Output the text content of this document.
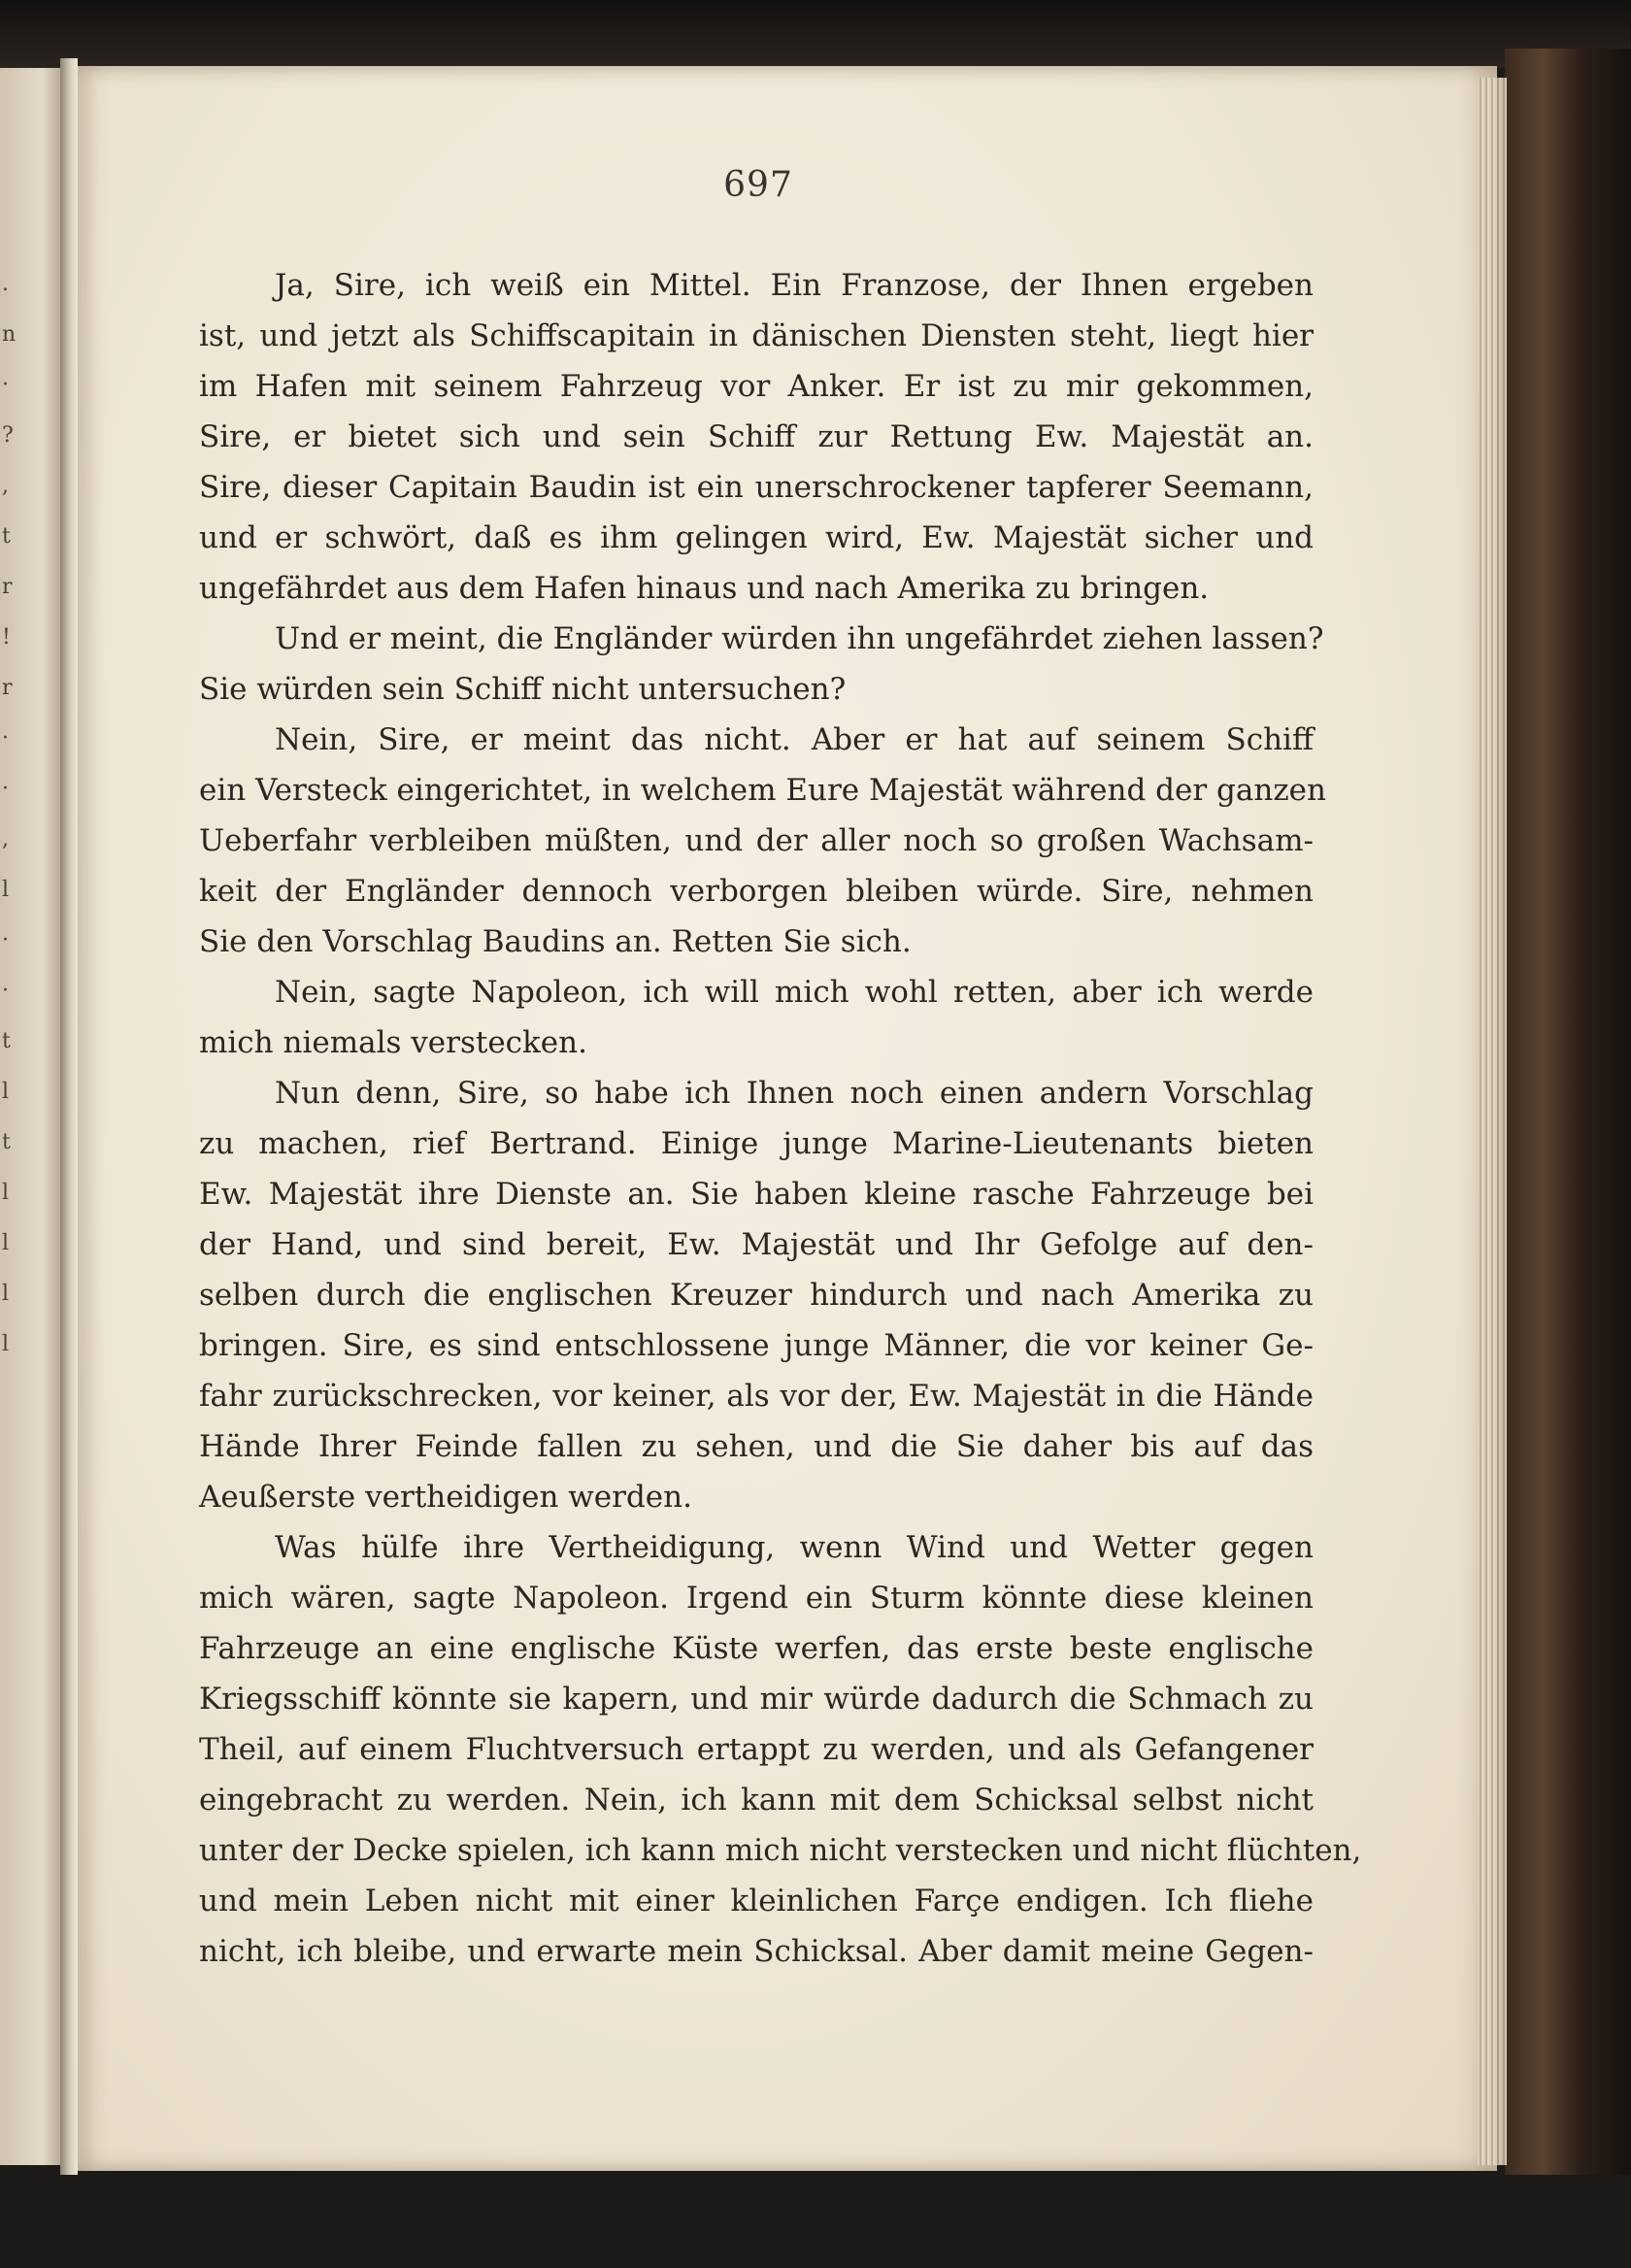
.
n
·
?
,
t
r
!
r
·
·
,
l
·
·
t
l
t
l
l
l
l
697
Ja, Sire, ich weiß ein Mittel. Ein Franzose, der Ihnen ergeben
ist, und jetzt als Schiffscapitain in dänischen Diensten steht, liegt hier
im Hafen mit seinem Fahrzeug vor Anker. Er ist zu mir gekommen,
Sire, er bietet sich und sein Schiff zur Rettung Ew. Majestät an.
Sire, dieser Capitain Baudin ist ein unerschrockener tapferer Seemann,
und er schwört, daß es ihm gelingen wird, Ew. Majestät sicher und
ungefährdet aus dem Hafen hinaus und nach Amerika zu bringen.
Und er meint, die Engländer würden ihn ungefährdet ziehen lassen?
Sie würden sein Schiff nicht untersuchen?
Nein, Sire, er meint das nicht. Aber er hat auf seinem Schiff
ein Versteck eingerichtet, in welchem Eure Majestät während der ganzen
Ueberfahr verbleiben müßten, und der aller noch so großen Wachsam-
keit der Engländer dennoch verborgen bleiben würde. Sire, nehmen
Sie den Vorschlag Baudins an. Retten Sie sich.
Nein, sagte Napoleon, ich will mich wohl retten, aber ich werde
mich niemals verstecken.
Nun denn, Sire, so habe ich Ihnen noch einen andern Vorschlag
zu machen, rief Bertrand. Einige junge Marine-Lieutenants bieten
Ew. Majestät ihre Dienste an. Sie haben kleine rasche Fahrzeuge bei
der Hand, und sind bereit, Ew. Majestät und Ihr Gefolge auf den-
selben durch die englischen Kreuzer hindurch und nach Amerika zu
bringen. Sire, es sind entschlossene junge Männer, die vor keiner Ge-
fahr zurückschrecken, vor keiner, als vor der, Ew. Majestät in die Hände
Hände Ihrer Feinde fallen zu sehen, und die Sie daher bis auf das
Aeußerste vertheidigen werden.
Was hülfe ihre Vertheidigung, wenn Wind und Wetter gegen
mich wären, sagte Napoleon. Irgend ein Sturm könnte diese kleinen
Fahrzeuge an eine englische Küste werfen, das erste beste englische
Kriegsschiff könnte sie kapern, und mir würde dadurch die Schmach zu
Theil, auf einem Fluchtversuch ertappt zu werden, und als Gefangener
eingebracht zu werden. Nein, ich kann mit dem Schicksal selbst nicht
unter der Decke spielen, ich kann mich nicht verstecken und nicht flüchten,
und mein Leben nicht mit einer kleinlichen Farçe endigen. Ich fliehe
nicht, ich bleibe, und erwarte mein Schicksal. Aber damit meine Gegen-
